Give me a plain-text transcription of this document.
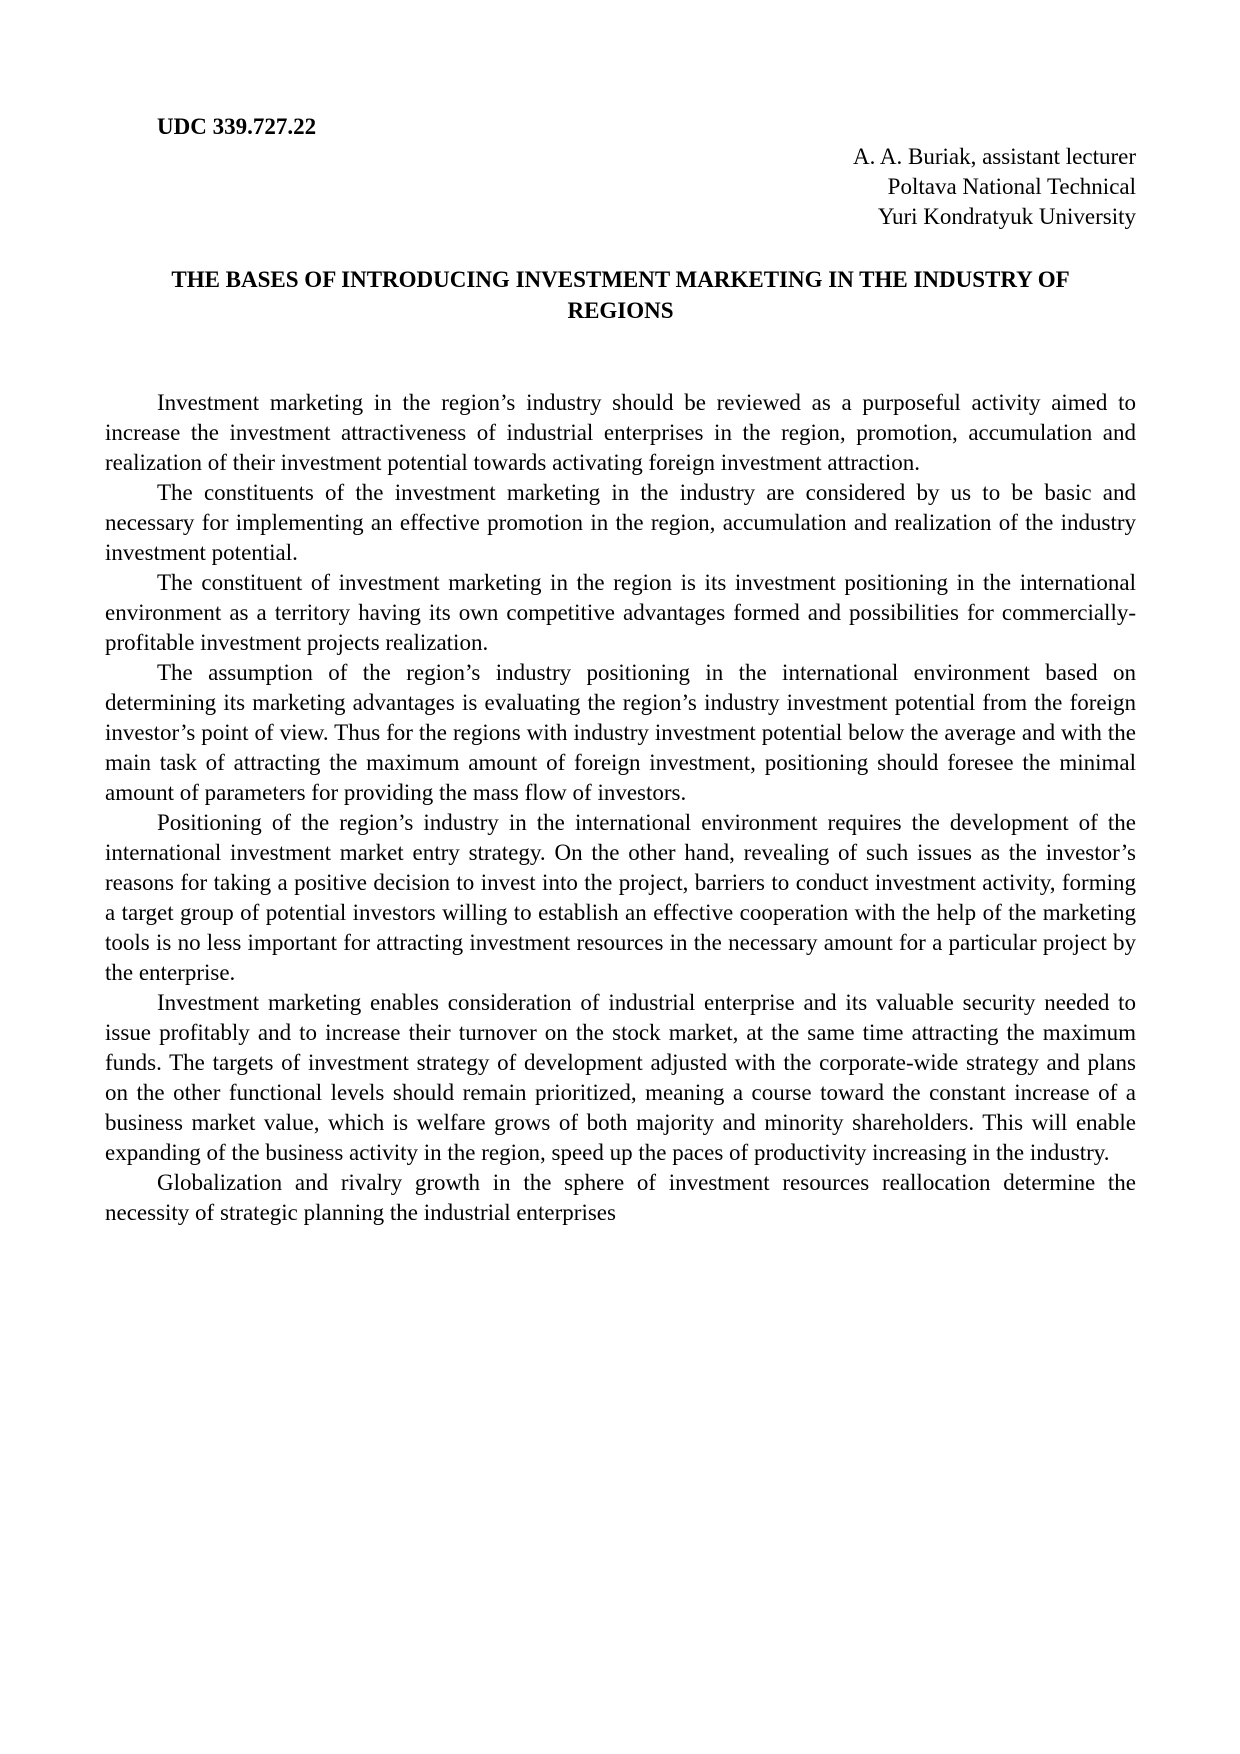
UDC 339.727.22

A. A. Buriak, assistant lecturer

Poltava National Technical

Yuri Kondratyuk University

THE BASES OF INTRODUCING INVESTMENT MARKETING IN THE INDUSTRY OF REGIONS

Investment marketing in the region’s industry should be reviewed as a purposeful activity aimed to increase the investment attractiveness of industrial enterprises in the region, promotion, accumulation and realization of their investment potential towards activating foreign investment attraction.

The constituents of the investment marketing in the industry are considered by us to be basic and necessary for implementing an effective promotion in the region, accumulation and realization of the industry investment potential.

The constituent of investment marketing in the region is its investment positioning in the international environment as a territory having its own competitive advantages formed and possibilities for commercially-profitable investment projects realization.

The assumption of the region’s industry positioning in the international environment based on determining its marketing advantages is evaluating the region’s industry investment potential from the foreign investor’s point of view. Thus for the regions with industry investment potential below the average and with the main task of attracting the maximum amount of foreign investment, positioning should foresee the minimal amount of parameters for providing the mass flow of investors.

Positioning of the region’s industry in the international environment requires the development of the international investment market entry strategy. On the other hand, revealing of such issues as the investor’s reasons for taking a positive decision to invest into the project, barriers to conduct investment activity, forming a target group of potential investors willing to establish an effective cooperation with the help of the marketing tools is no less important for attracting investment resources in the necessary amount for a particular project by the enterprise.

Investment marketing enables consideration of industrial enterprise and its valuable security needed to issue profitably and to increase their turnover on the stock market, at the same time attracting the maximum funds. The targets of investment strategy of development adjusted with the corporate-wide strategy and plans on the other functional levels should remain prioritized, meaning a course toward the constant increase of a business market value, which is welfare grows of both majority and minority shareholders. This will enable expanding of the business activity in the region, speed up the paces of productivity increasing in the industry.

Globalization and rivalry growth in the sphere of investment resources reallocation determine the necessity of strategic planning the industrial enterprises
